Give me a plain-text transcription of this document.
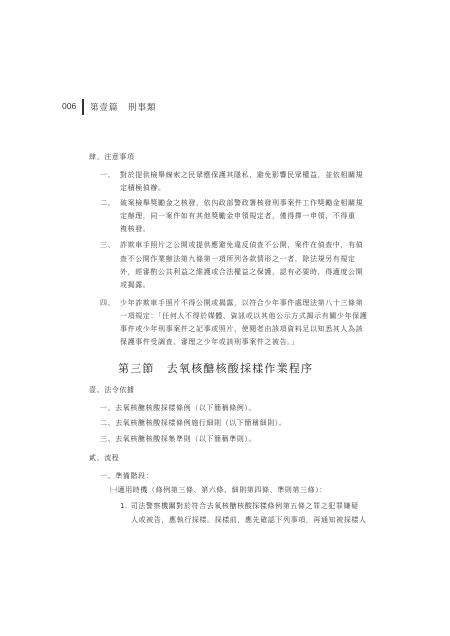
006 第壹篇　刑事類
肆、注意事項
一、 對於提供檢舉線索之民眾應保護其隱私，避免影響民眾權益，並依相關規
定積極偵辦。
二、 破案檢舉獎勵金之核發，依內政部警政署核發刑事案件工作獎勵金相關規
定辦理，同一案件如有其他獎勵金申領規定者，僅得擇一申領，不得重
複核發。
三、 詐欺車手照片之公開或提供應避免違反偵查不公開，案件在偵查中，有偵
查不公開作業辦法第九條第一項所列各款情形之一者，除法規另有規定
外，經審酌公共利益之維護或合法權益之保護，認有必要時，得適度公開
或揭露。
四、 少年詐欺車手照片不得公開或揭露，以符合少年事件處理法第八十三條第
一項規定：「任何人不得於媒體、資訊或以其他公示方式揭示有關少年保護
事件或少年刑事案件之記事或照片，使閱者由該項資料足以知悉其人為該
保護事件受調查、審理之少年或該刑事案件之被告。」
第三節　去氧核醣核酸採樣作業程序
壹、法令依據
一、去氧核醣核酸採樣條例（以下簡稱條例）。
二、去氧核醣核酸採樣條例施行細則（以下簡稱細則）。
三、去氧核醣核酸採集準則（以下簡稱準則）。
貳、流程
一、準備階段：
㈠適用時機（條例第三條、第六條、細則第四條、準則第三條）：
1. 司法警察機關對於符合去氧核醣核酸採樣條例第五條之罪之犯罪嫌疑
人或被告，應執行採樣。採樣前，應先確認下列事項，再通知被採樣人
